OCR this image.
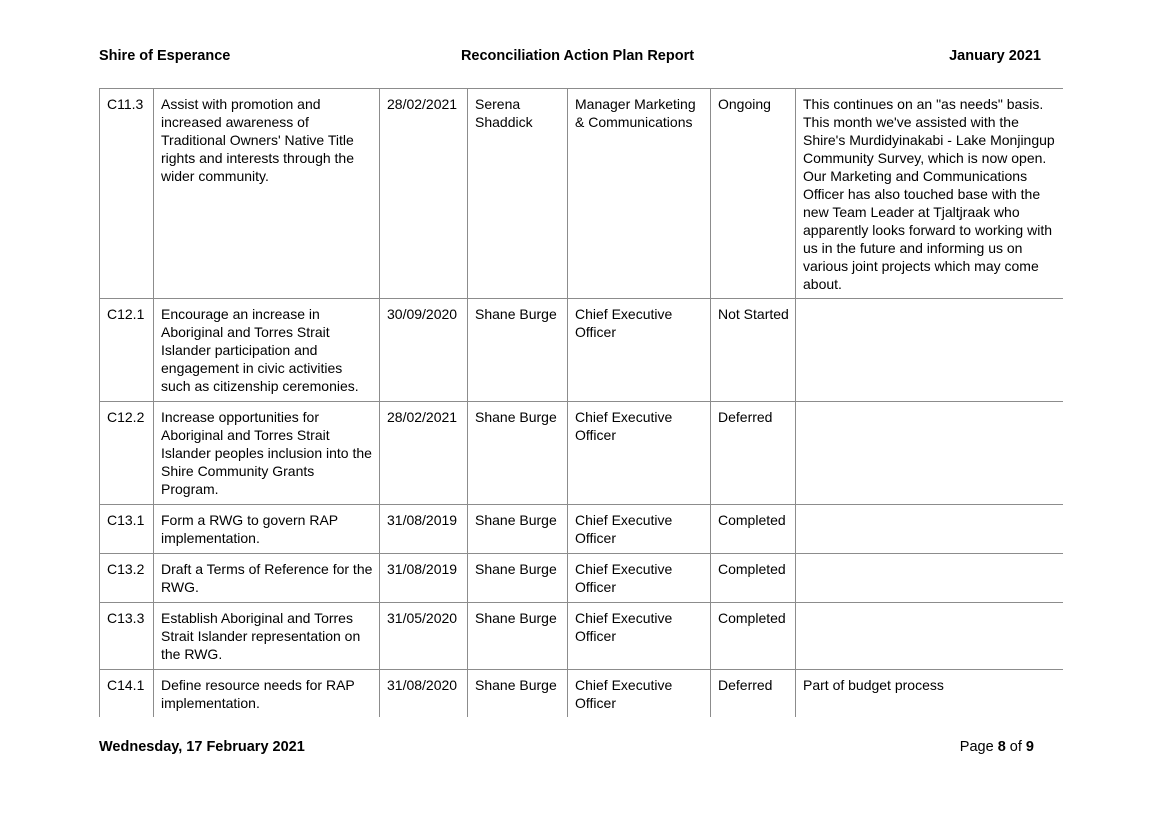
Shire of Esperance	Reconciliation Action Plan Report	January 2021
C11.3	Assist with promotion and increased awareness of Traditional Owners' Native Title rights and interests through the wider community.	28/02/2021	Serena Shaddick	Manager Marketing & Communications	Ongoing	This continues on an "as needs" basis. This month we've assisted with the Shire's Murdidyinakabi - Lake Monjingup Community Survey, which is now open. Our Marketing and Communications Officer has also touched base with the new Team Leader at Tjaltjraak who apparently looks forward to working with us in the future and informing us on various joint projects which may come about.
C12.1	Encourage an increase in Aboriginal and Torres Strait Islander participation and engagement in civic activities such as citizenship ceremonies.	30/09/2020	Shane Burge	Chief Executive Officer	Not Started	
C12.2	Increase opportunities for Aboriginal and Torres Strait Islander peoples inclusion into the Shire Community Grants Program.	28/02/2021	Shane Burge	Chief Executive Officer	Deferred	
C13.1	Form a RWG to govern RAP implementation.	31/08/2019	Shane Burge	Chief Executive Officer	Completed	
C13.2	Draft a Terms of Reference for the RWG.	31/08/2019	Shane Burge	Chief Executive Officer	Completed	
C13.3	Establish Aboriginal and Torres Strait Islander representation on the RWG.	31/05/2020	Shane Burge	Chief Executive Officer	Completed	
C14.1	Define resource needs for RAP implementation.	31/08/2020	Shane Burge	Chief Executive Officer	Deferred	Part of budget process
Wednesday, 17 February 2021	Page 8 of 9
